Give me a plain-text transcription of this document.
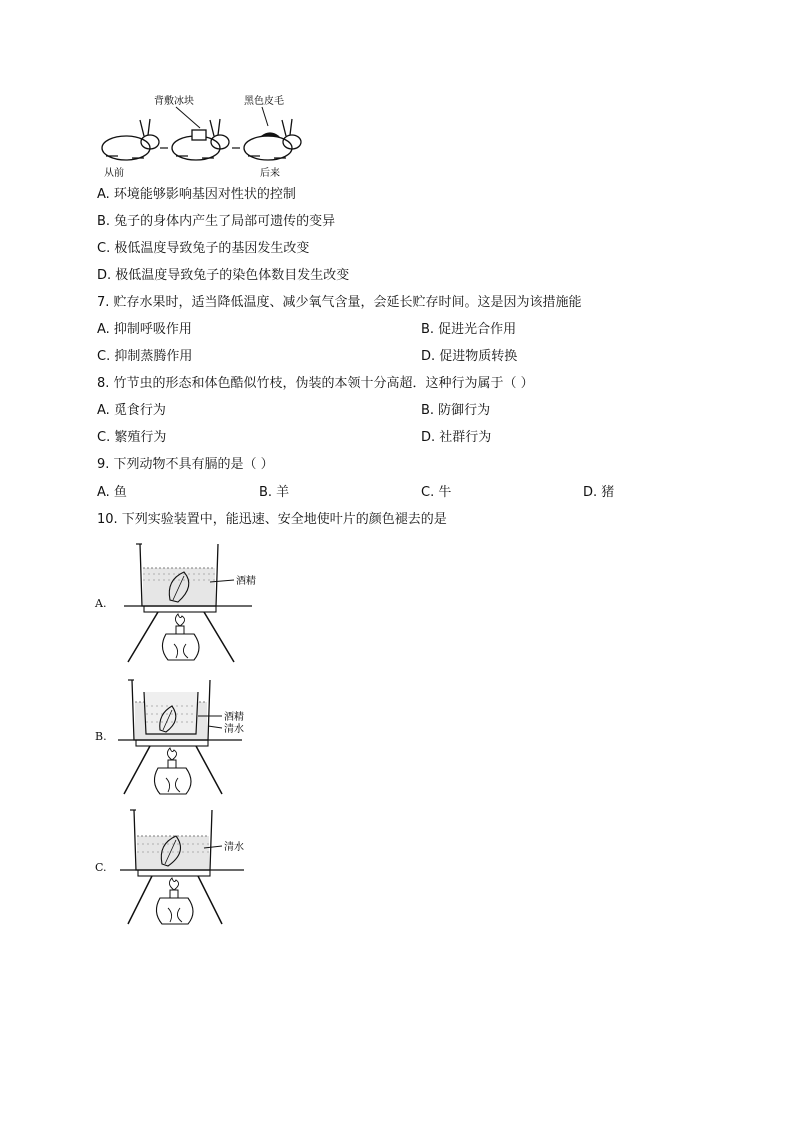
背敷冰块	黑色皮毛
从前	后来
A. 环境能够影响基因对性状的控制
B. 兔子的身体内产生了局部可遗传的变异
C. 极低温度导致兔子的基因发生改变
D. 极低温度导致兔子的染色体数目发生改变
7. 贮存水果时，适当降低温度、减少氧气含量，会延长贮存时间。这是因为该措施能
A. 抑制呼吸作用	B. 促进光合作用
C. 抑制蒸腾作用	D. 促进物质转换
8. 竹节虫的形态和体色酷似竹枝，伪装的本领十分高超．这种行为属于（ ）
A. 觅食行为	B. 防御行为
C. 繁殖行为	D. 社群行为
9. 下列动物不具有膈的是（ ）
A. 鱼	B. 羊	C. 牛	D. 猪
10. 下列实验装置中，能迅速、安全地使叶片的颜色褪去的是
A.
酒精
B.
酒精
清水
C.
清水
